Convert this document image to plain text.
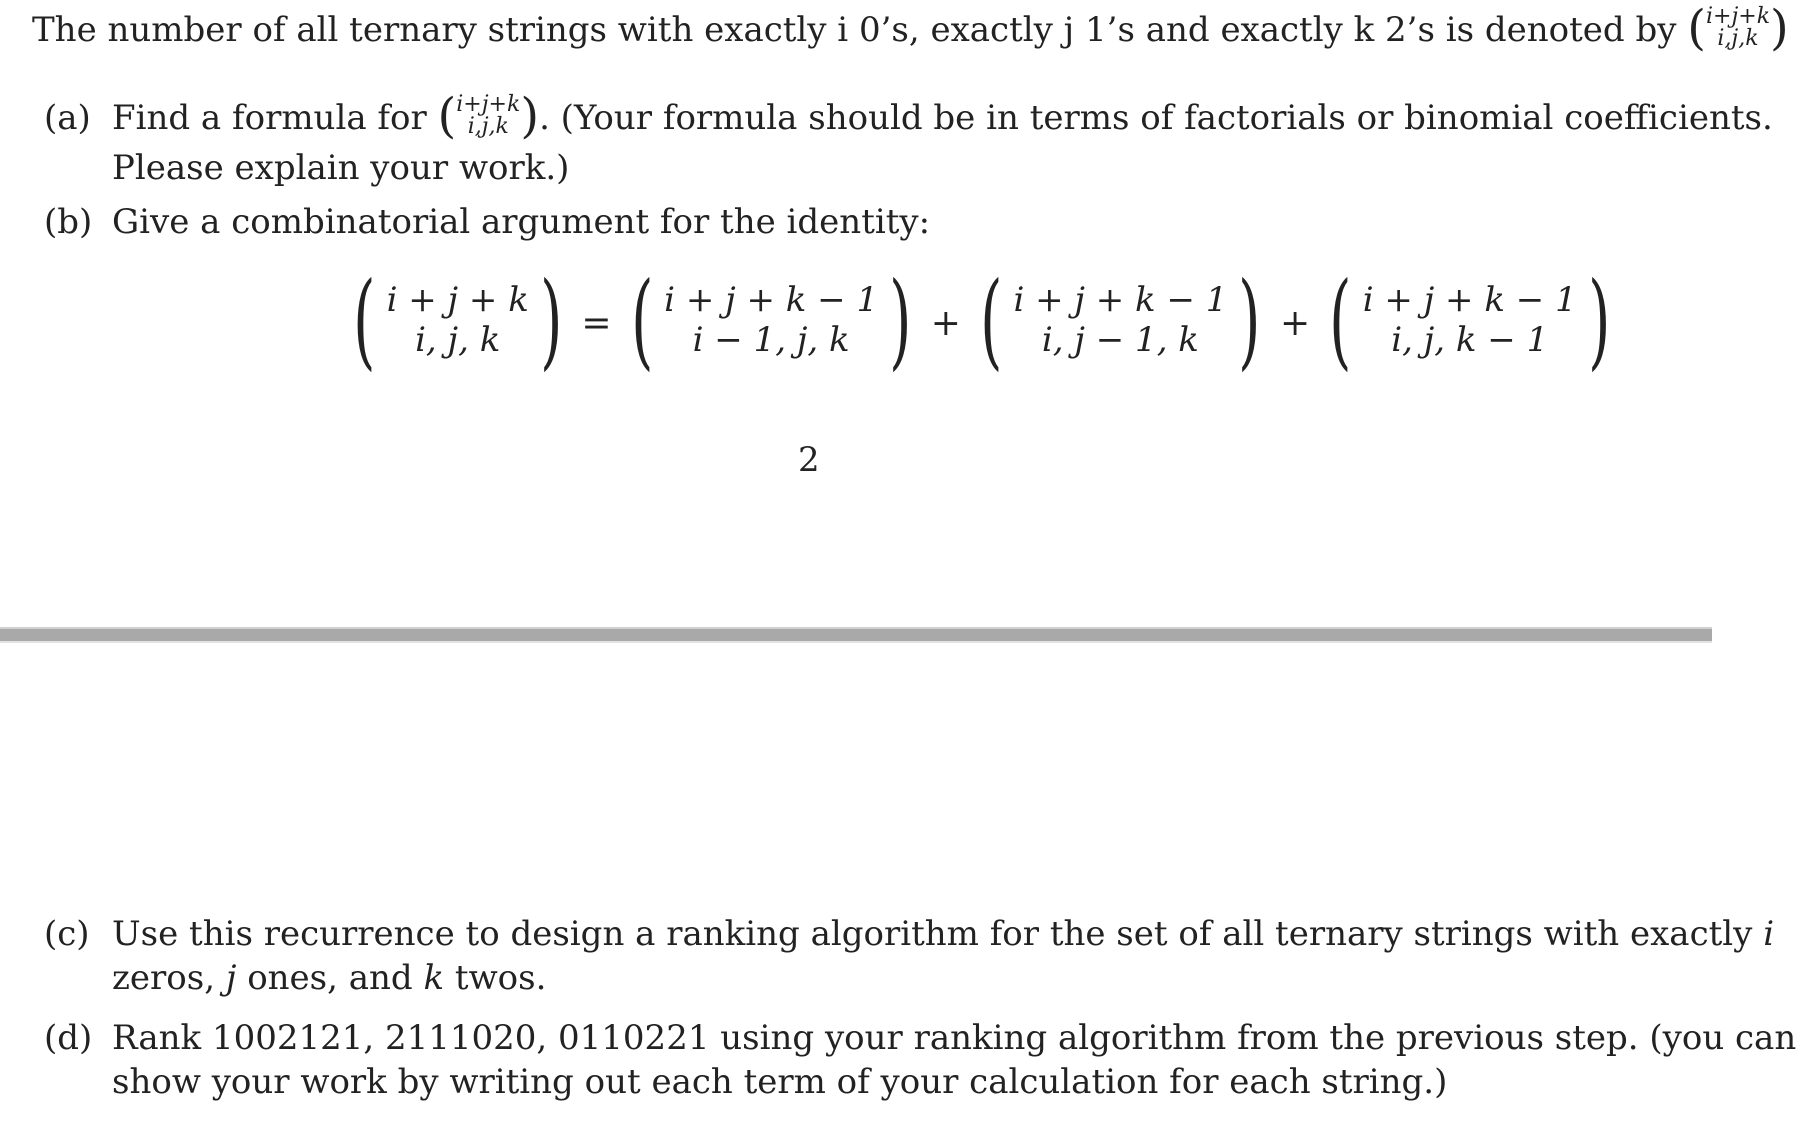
The number of all ternary strings with exactly i 0’s, exactly j 1’s and exactly k 2’s is denoted by ( i+j+k
i,j,k )
(a) Find a formula for ( i+j+k
i,j,k ) . (Your formula should be in terms of factorials or binomial coefficients.
Please explain your work.)
(b) Give a combinatorial argument for the identity:
( i + j + k
i, j, k ) = ( i + j + k − 1
i − 1, j, k ) + ( i + j + k − 1
i, j − 1, k ) + ( i + j + k − 1
i, j, k − 1 )
2
(c) Use this recurrence to design a ranking algorithm for the set of all ternary strings with exactly i
zeros, j ones, and k twos.
(d) Rank 1002121, 2111020, 0110221 using your ranking algorithm from the previous step. (you can
show your work by writing out each term of your calculation for each string.)
